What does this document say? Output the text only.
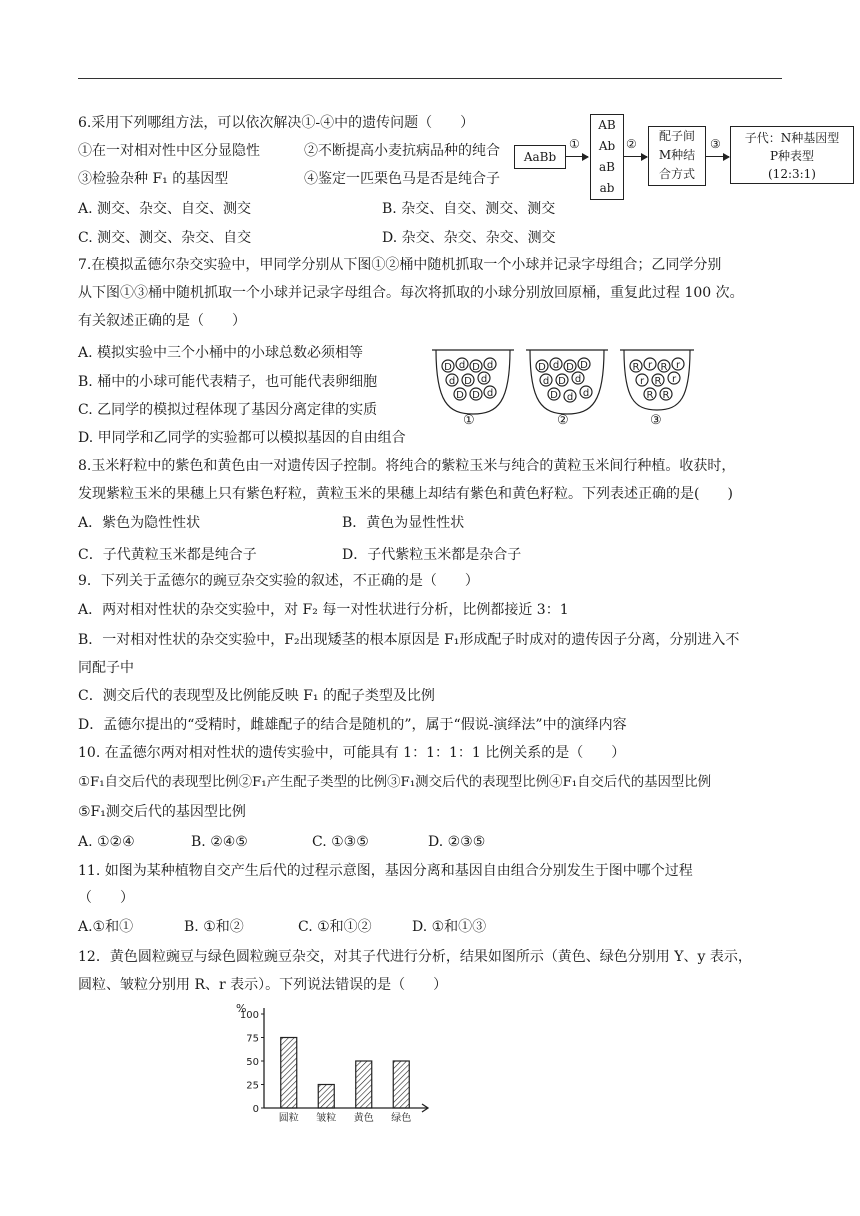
6.采用下列哪组方法，可以依次解决①-④中的遗传问题（　　）
①在一对相对性中区分显隐性	②不断提高小麦抗病品种的纯合
③检验杂种 F₁ 的基因型	④鉴定一匹栗色马是否是纯合子
A. 测交、杂交、自交、测交	B. 杂交、自交、测交、测交
C. 测交、测交、杂交、自交	D. 杂交、杂交、杂交、测交
AaBb
①
AB
Ab
aB
ab
②
配子间
M种结
合方式
③	子代：N种基因型
P种表型
(12:3:1)
7.在模拟孟德尔杂交实验中，甲同学分别从下图①②桶中随机抓取一个小球并记录字母组合；乙同学分别
从下图①③桶中随机抓取一个小球并记录字母组合。每次将抓取的小球分别放回原桶，重复此过程 100 次。
有关叙述正确的是（　　）
A. 模拟实验中三个小桶中的小球总数必须相等
B. 桶中的小球可能代表精子，也可能代表卵细胞
C. 乙同学的模拟过程体现了基因分离定律的实质
D. 甲同学和乙同学的实验都可以模拟基因的自由组合
D d D d
d D d
D D d
D d D D
d D d
D d d
R r R r
r R r
R R
①	②	③
8.玉米籽粒中的紫色和黄色由一对遗传因子控制。将纯合的紫粒玉米与纯合的黄粒玉米间行种植。收获时，
发现紫粒玉米的果穗上只有紫色籽粒，黄粒玉米的果穗上却结有紫色和黄色籽粒。下列表述正确的是(　　)
A．紫色为隐性性状	B．黄色为显性性状
C．子代黄粒玉米都是纯合子	D．子代紫粒玉米都是杂合子
9．下列关于孟德尔的豌豆杂交实验的叙述，不正确的是（　　）
A．两对相对性状的杂交实验中，对 F₂ 每一对性状进行分析，比例都接近 3：1
B．一对相对性状的杂交实验中，F₂出现矮茎的根本原因是 F₁形成配子时成对的遗传因子分离，分别进入不
同配子中
C．测交后代的表现型及比例能反映 F₁ 的配子类型及比例
D．孟德尔提出的“受精时，雌雄配子的结合是随机的”，属于“假说-演绎法”中的演绎内容
10. 在孟德尔两对相对性状的遗传实验中，可能具有 1：1：1：1 比例关系的是（　　）
①F₁自交后代的表现型比例②F₁产生配子类型的比例③F₁测交后代的表现型比例④F₁自交后代的基因型比例
⑤F₁测交后代的基因型比例
A. ①②④	B. ②④⑤	C. ①③⑤	D. ②③⑤
11. 如图为某种植物自交产生后代的过程示意图，基因分离和基因自由组合分别发生于图中哪个过程
（　　）
A.①和①	B. ①和②	C. ①和①②	D. ①和①③
12．黄色圆粒豌豆与绿色圆粒豌豆杂交，对其子代进行分析，结果如图所示（黄色、绿色分别用 Y、y 表示，
圆粒、皱粒分别用 R、r 表示）。下列说法错误的是（　　）
%
0
25
50
75
100
圆粒 皱粒 黄色 绿色
